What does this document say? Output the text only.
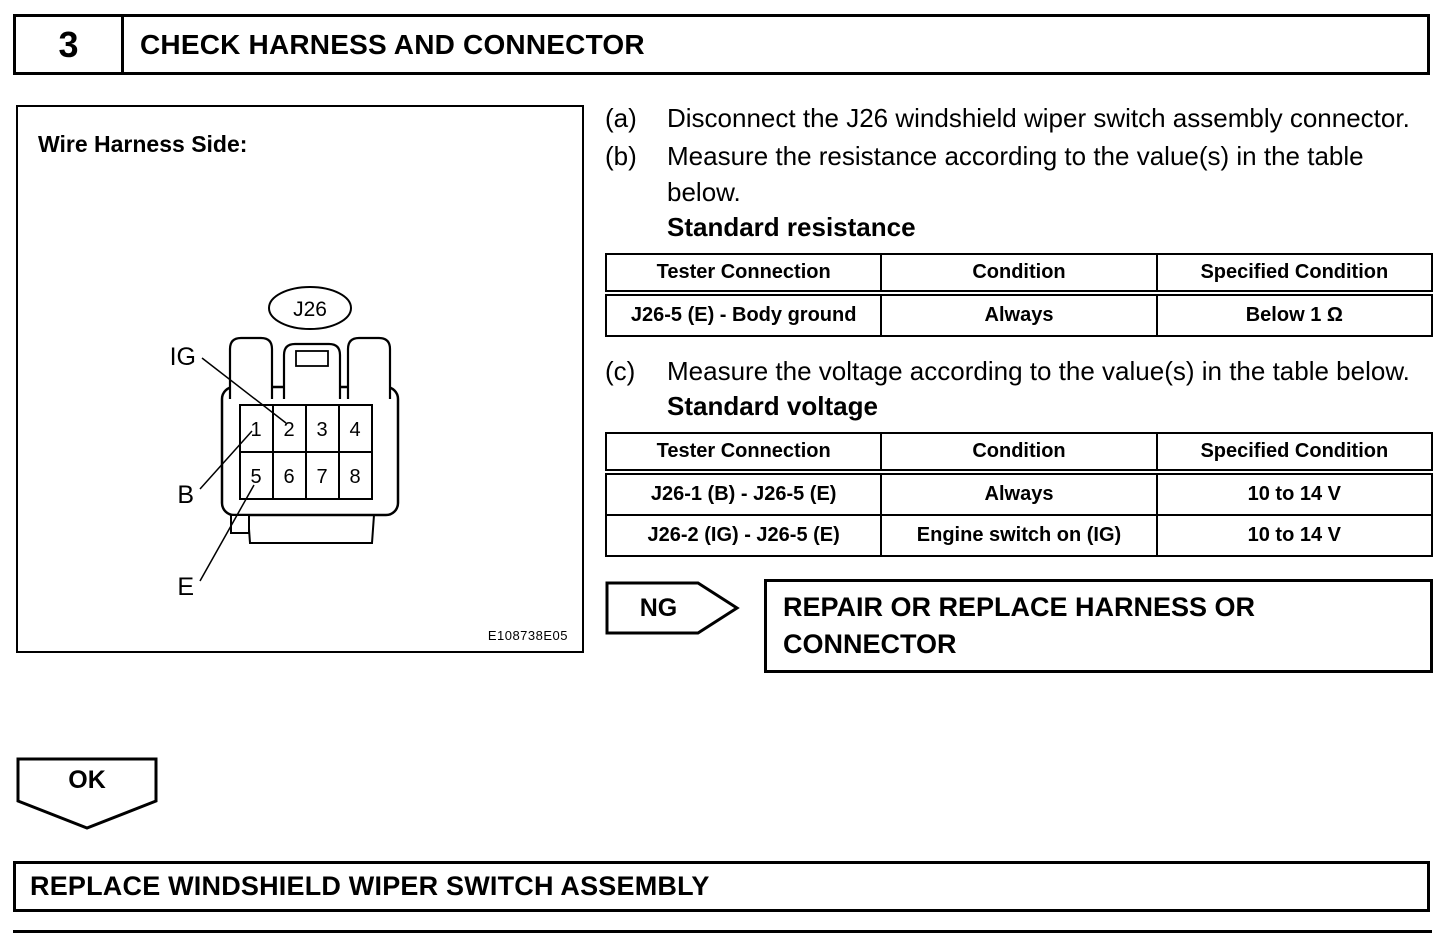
3	CHECK HARNESS AND CONNECTOR
J26
1 2 3 4
5 6 7 8
IG
B
E
Wire Harness Side:
E108738E05
(a)	Disconnect the J26 windshield wiper switch assembly connector.
(b)	Measure the resistance according to the value(s) in the table below.
Standard resistance
Tester Connection	Condition	Specified Condition
J26-5 (E) - Body ground	Always	Below 1 Ω
(c)	Measure the voltage according to the value(s) in the table below.
Standard voltage
Tester Connection	Condition	Specified Condition
J26-1 (B) - J26-5 (E)	Always	10 to 14 V
J26-2 (IG) - J26-5 (E)	Engine switch on (IG)	10 to 14 V
NG	REPAIR OR REPLACE HARNESS OR CONNECTOR
OK
REPLACE WINDSHIELD WIPER SWITCH ASSEMBLY
